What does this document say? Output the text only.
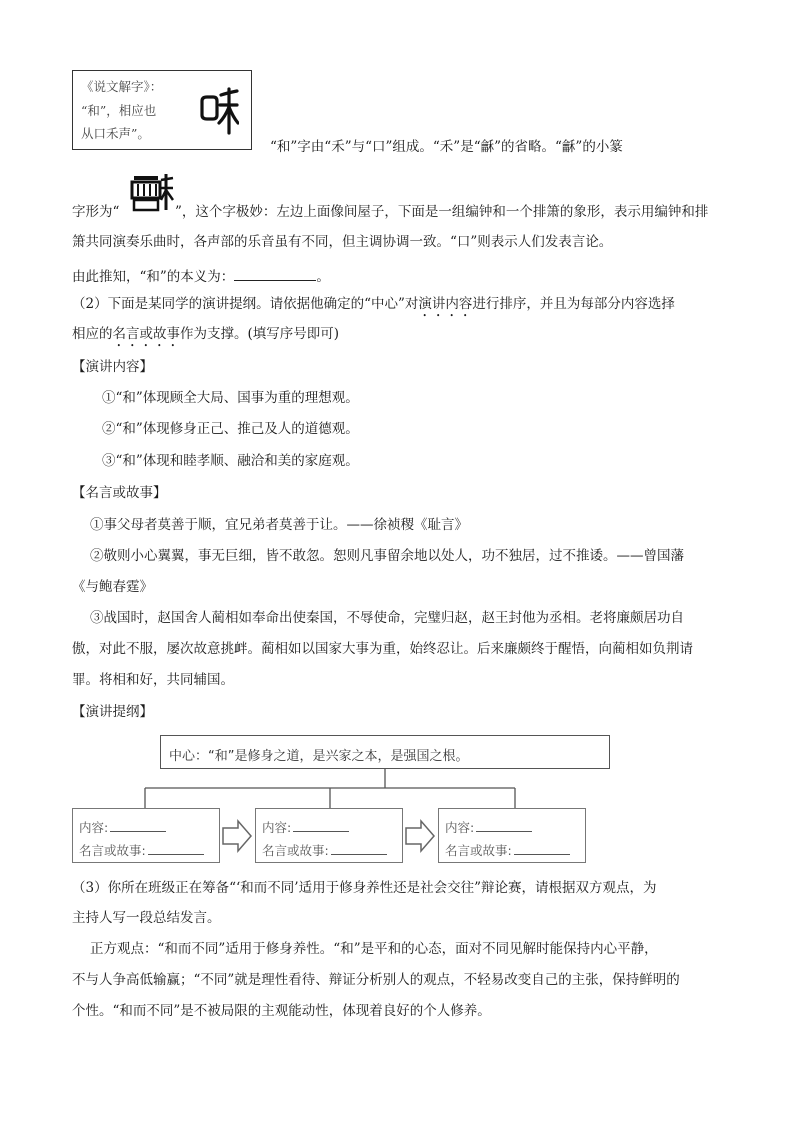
《说文解字》：
“和”，相应也
从口禾声”。
“和”字由“禾”与“口”组成。“禾”是“龢”的省略。“龢”的小篆
字形为“	”，这个字极妙：左边上面像间屋子，下面是一组编钟和一个排箫的象形，表示用编钟和排
箫共同演奏乐曲时，各声部的乐音虽有不同，但主调协调一致。“口”则表示人们发表言论。
由此推知，“和”的本义为：	。
（2）下面是某同学的演讲提纲。请依据他确定的“中心”对演讲内容进行排序，并且为每部分内容选择
相应的名言或故事作为支撑。(填写序号即可)
【演讲内容】
①“和”体现顾全大局、国事为重的理想观。
②“和”体现修身正己、推己及人的道德观。
③“和”体现和睦孝顺、融洽和美的家庭观。
【名言或故事】
①事父母者莫善于顺，宜兄弟者莫善于让。——徐祯稷《耻言》
②敬则小心翼翼，事无巨细，皆不敢忽。恕则凡事留余地以处人，功不独居，过不推诿。——曾国藩
《与鲍春霆》
③战国时，赵国舍人蔺相如奉命出使秦国，不辱使命，完璧归赵，赵王封他为丞相。老将廉颇居功自
傲，对此不服，屡次故意挑衅。蔺相如以国家大事为重，始终忍让。后来廉颇终于醒悟，向蔺相如负荆请
罪。将相和好，共同辅国。
【演讲提纲】
中心：“和”是修身之道，是兴家之本，是强国之根。
内容:
名言或故事:
内容:
名言或故事:
内容:
名言或故事:
（3）你所在班级正在筹备“‘和而不同’适用于修身养性还是社会交往”辩论赛，请根据双方观点，为
主持人写一段总结发言。
正方观点：“和而不同”适用于修身养性。“和”是平和的心态，面对不同见解时能保持内心平静，
不与人争高低输赢；“不同”就是理性看待、辩证分析别人的观点，不轻易改变自己的主张，保持鲜明的
个性。“和而不同”是不被局限的主观能动性，体现着良好的个人修养。
